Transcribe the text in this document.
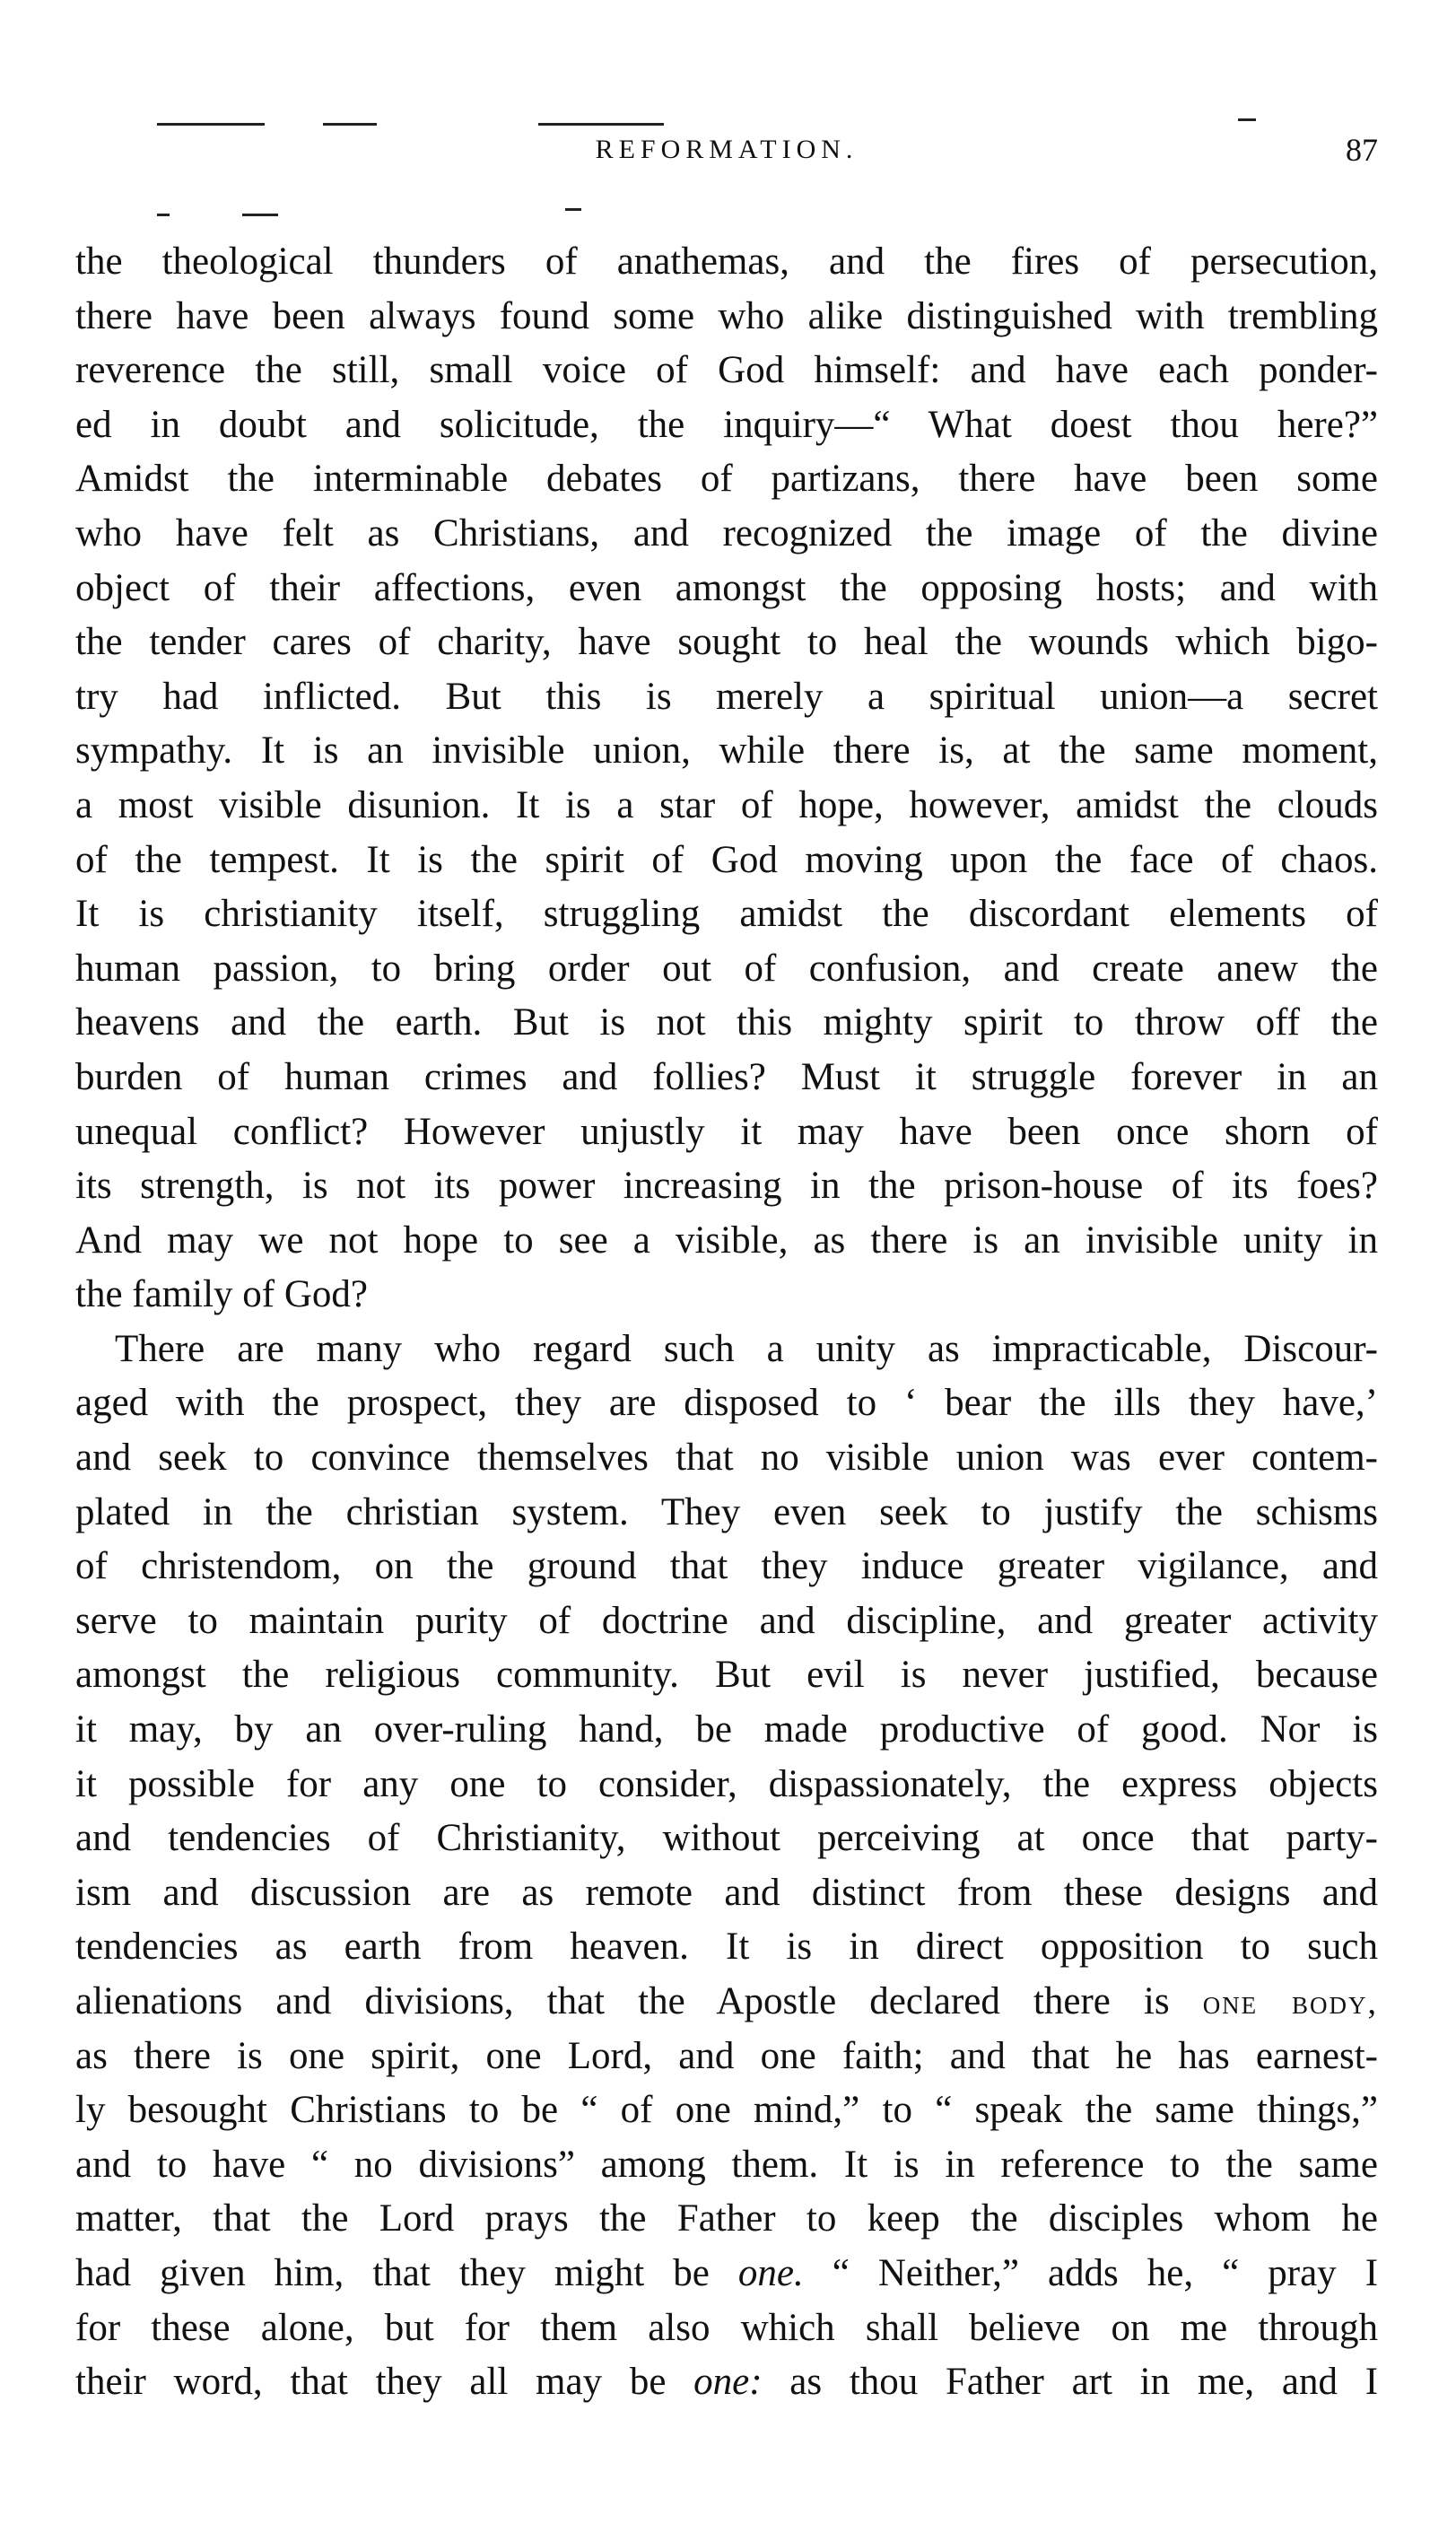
REFORMATION.	87
the theological thunders of anathemas, and the fires of persecution,
there have been always found some who alike distinguished with trembling
reverence the still, small voice of God himself: and have each ponder-
ed in doubt and solicitude, the inquiry—“ What doest thou here?”
Amidst the interminable debates of partizans, there have been some
who have felt as Christians, and recognized the image of the divine
object of their affections, even amongst the opposing hosts; and with
the tender cares of charity, have sought to heal the wounds which bigo-
try had inflicted. But this is merely a spiritual union—a secret
sympathy. It is an invisible union, while there is, at the same moment,
a most visible disunion. It is a star of hope, however, amidst the clouds
of the tempest. It is the spirit of God moving upon the face of chaos.
It is christianity itself, struggling amidst the discordant elements of
human passion, to bring order out of confusion, and create anew the
heavens and the earth. But is not this mighty spirit to throw off the
burden of human crimes and follies? Must it struggle forever in an
unequal conflict? However unjustly it may have been once shorn of
its strength, is not its power increasing in the prison-house of its foes?
And may we not hope to see a visible, as there is an invisible unity in
the family of God?
There are many who regard such a unity as impracticable, Discour-
aged with the prospect, they are disposed to ‘ bear the ills they have,’
and seek to convince themselves that no visible union was ever contem-
plated in the christian system. They even seek to justify the schisms
of christendom, on the ground that they induce greater vigilance, and
serve to maintain purity of doctrine and discipline, and greater activity
amongst the religious community. But evil is never justified, because
it may, by an over-ruling hand, be made productive of good. Nor is
it possible for any one to consider, dispassionately, the express objects
and tendencies of Christianity, without perceiving at once that party-
ism and discussion are as remote and distinct from these designs and
tendencies as earth from heaven. It is in direct opposition to such
alienations and divisions, that the Apostle declared there is one body,
as there is one spirit, one Lord, and one faith; and that he has earnest-
ly besought Christians to be “ of one mind,” to “ speak the same things,”
and to have “ no divisions” among them. It is in reference to the same
matter, that the Lord prays the Father to keep the disciples whom he
had given him, that they might be one. “ Neither,” adds he, “ pray I
for these alone, but for them also which shall believe on me through
their word, that they all may be one: as thou Father art in me, and I
